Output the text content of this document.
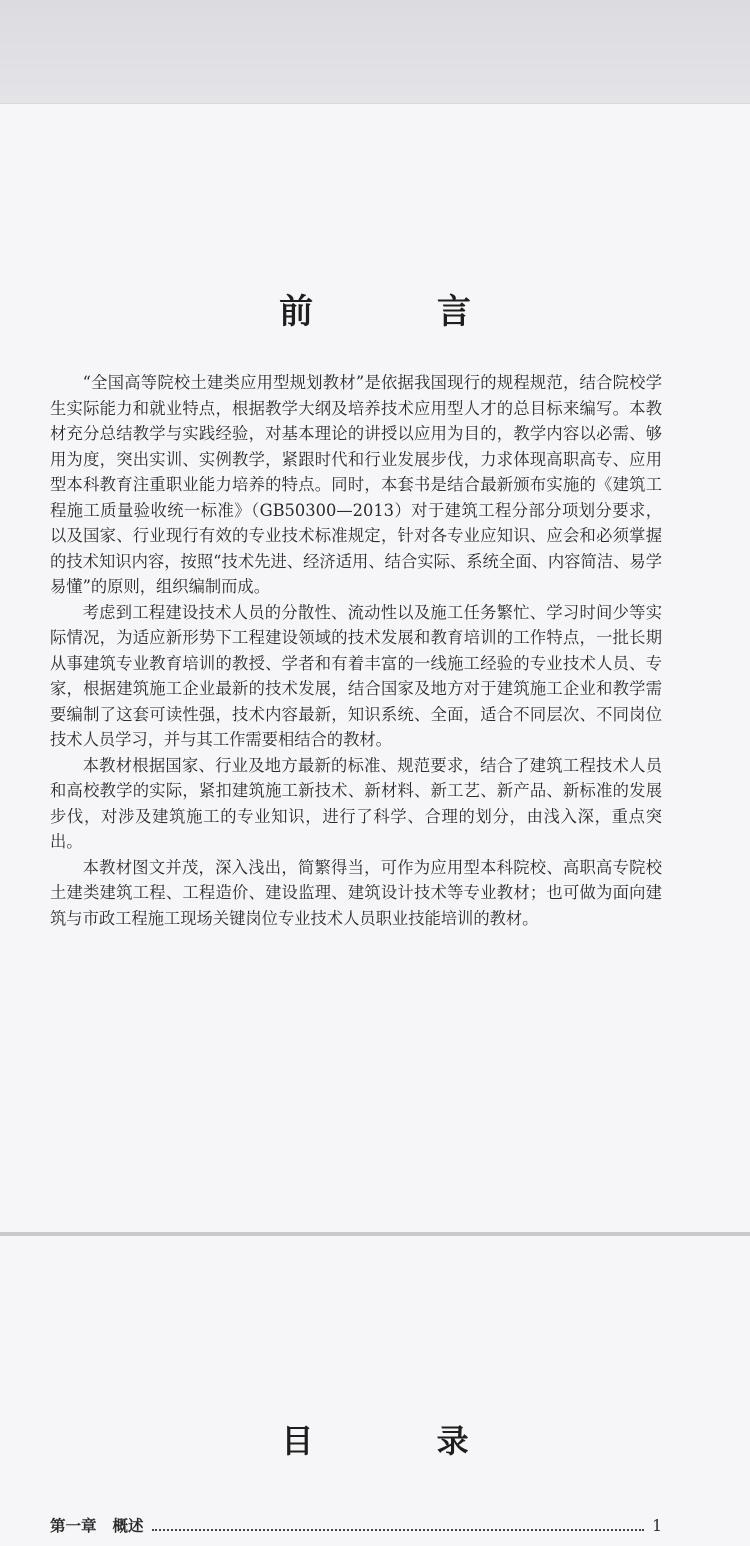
前 言

“全国高等院校土建类应用型规划教材”是依据我国现行的规程规范，结合院校学生实际能力和就业特点，根据教学大纲及培养技术应用型人才的总目标来编写。本教材充分总结教学与实践经验，对基本理论的讲授以应用为目的，教学内容以必需、够用为度，突出实训、实例教学，紧跟时代和行业发展步伐，力求体现高职高专、应用型本科教育注重职业能力培养的特点。同时，本套书是结合最新颁布实施的《建筑工程施工质量验收统一标准》（GB50300—2013）对于建筑工程分部分项划分要求，以及国家、行业现行有效的专业技术标准规定，针对各专业应知识、应会和必须掌握的技术知识内容，按照“技术先进、经济适用、结合实际、系统全面、内容简洁、易学易懂”的原则，组织编制而成。

考虑到工程建设技术人员的分散性、流动性以及施工任务繁忙、学习时间少等实际情况，为适应新形势下工程建设领域的技术发展和教育培训的工作特点，一批长期从事建筑专业教育培训的教授、学者和有着丰富的一线施工经验的专业技术人员、专家，根据建筑施工企业最新的技术发展，结合国家及地方对于建筑施工企业和教学需要编制了这套可读性强，技术内容最新，知识系统、全面，适合不同层次、不同岗位技术人员学习，并与其工作需要相结合的教材。

本教材根据国家、行业及地方最新的标准、规范要求，结合了建筑工程技术人员和高校教学的实际，紧扣建筑施工新技术、新材料、新工艺、新产品、新标准的发展步伐，对涉及建筑施工的专业知识，进行了科学、合理的划分，由浅入深，重点突出。

本教材图文并茂，深入浅出，简繁得当，可作为应用型本科院校、高职高专院校土建类建筑工程、工程造价、建设监理、建筑设计技术等专业教材；也可做为面向建筑与市政工程施工现场关键岗位专业技术人员职业技能培训的教材。

目 录
第一章 概述	1
